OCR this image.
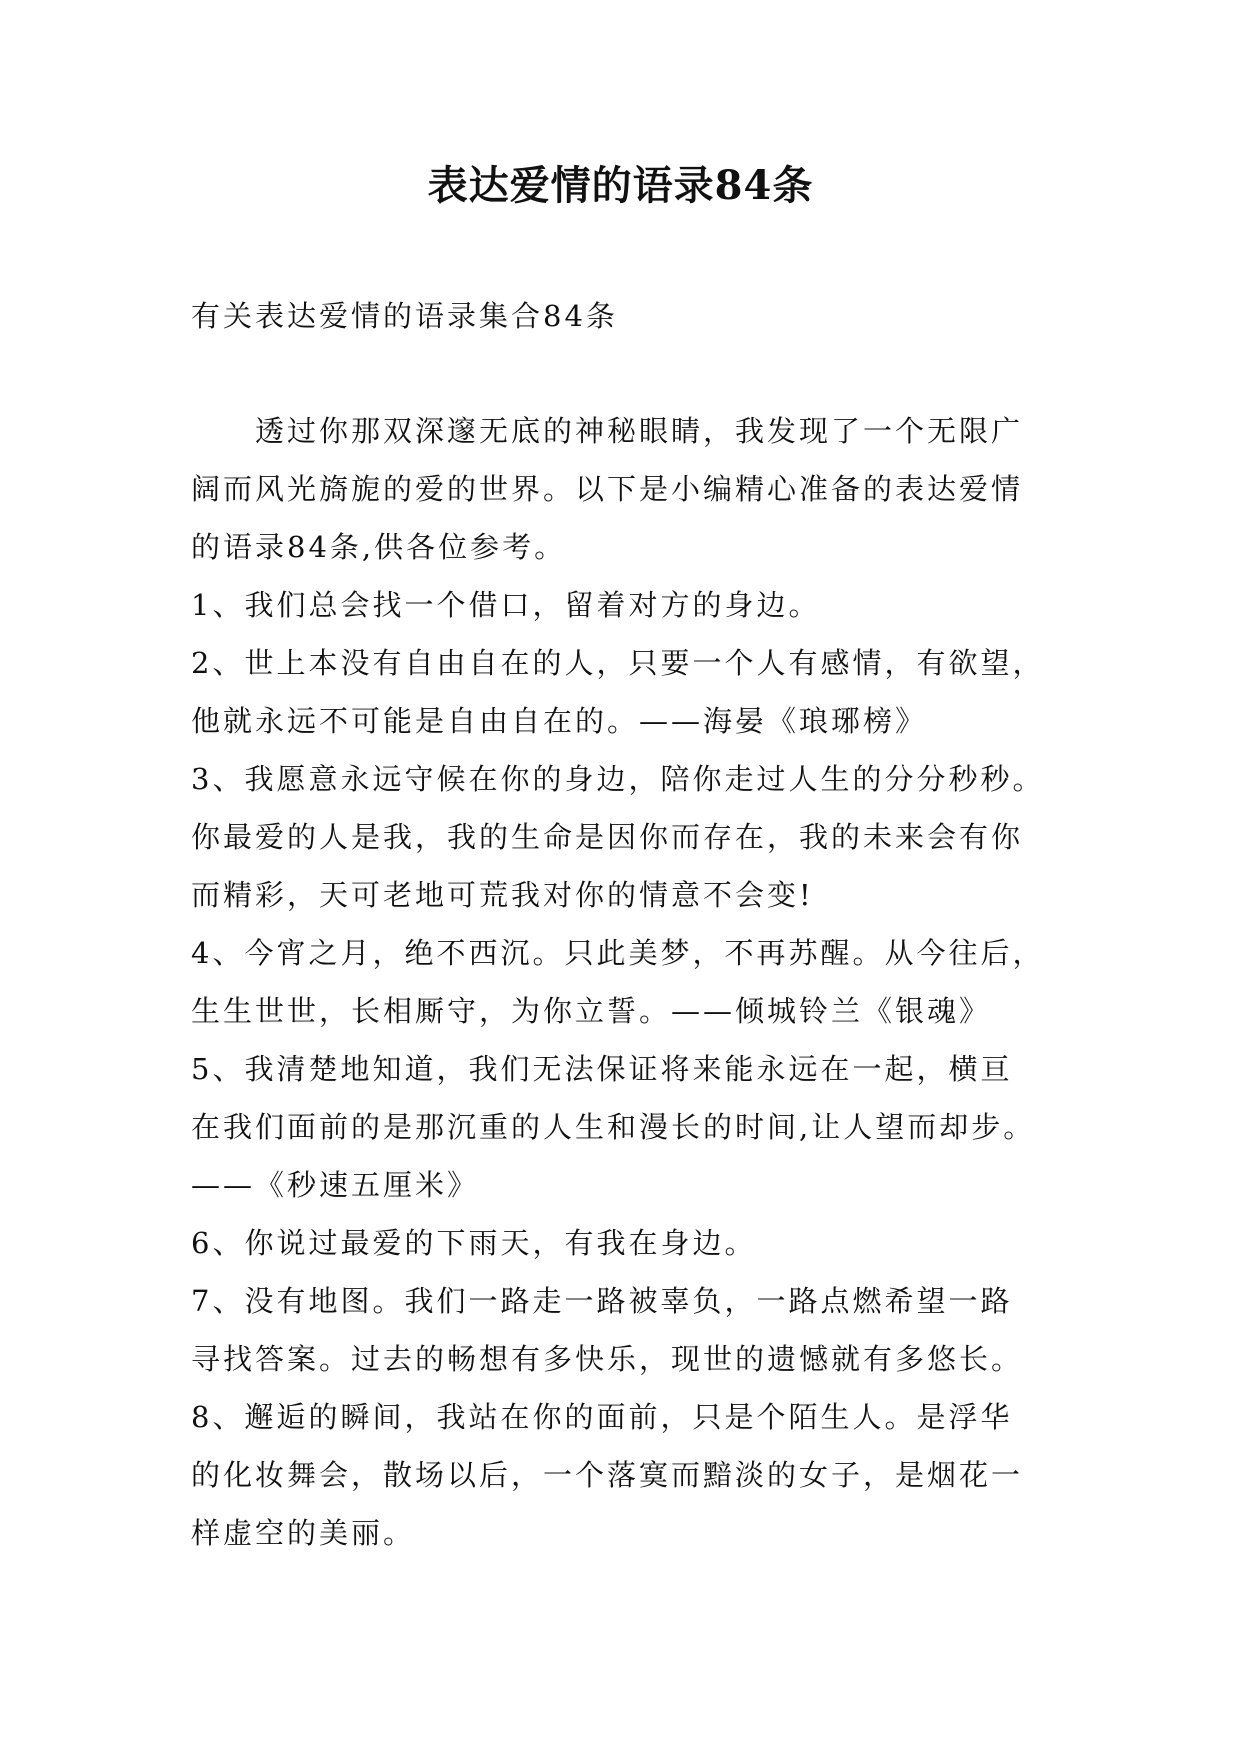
表达爱情的语录84条
有关表达爱情的语录集合84条
透过你那双深邃无底的神秘眼睛，我发现了一个无限广
阔而风光旖旎的爱的世界。以下是小编精心准备的表达爱情
的语录84条,供各位参考。
1、我们总会找一个借口，留着对方的身边。
2、世上本没有自由自在的人，只要一个人有感情，有欲望，
他就永远不可能是自由自在的。——海晏《琅琊榜》
3、我愿意永远守候在你的身边，陪你走过人生的分分秒秒。
你最爱的人是我，我的生命是因你而存在，我的未来会有你
而精彩，天可老地可荒我对你的情意不会变!
4、今宵之月，绝不西沉。只此美梦，不再苏醒。从今往后，
生生世世，长相厮守，为你立誓。——倾城铃兰《银魂》
5、我清楚地知道，我们无法保证将来能永远在一起，横亘
在我们面前的是那沉重的人生和漫长的时间,让人望而却步。
——《秒速五厘米》
6、你说过最爱的下雨天，有我在身边。
7、没有地图。我们一路走一路被辜负，一路点燃希望一路
寻找答案。过去的畅想有多快乐，现世的遗憾就有多悠长。
8、邂逅的瞬间，我站在你的面前，只是个陌生人。是浮华
的化妆舞会，散场以后，一个落寞而黯淡的女子，是烟花一
样虚空的美丽。
